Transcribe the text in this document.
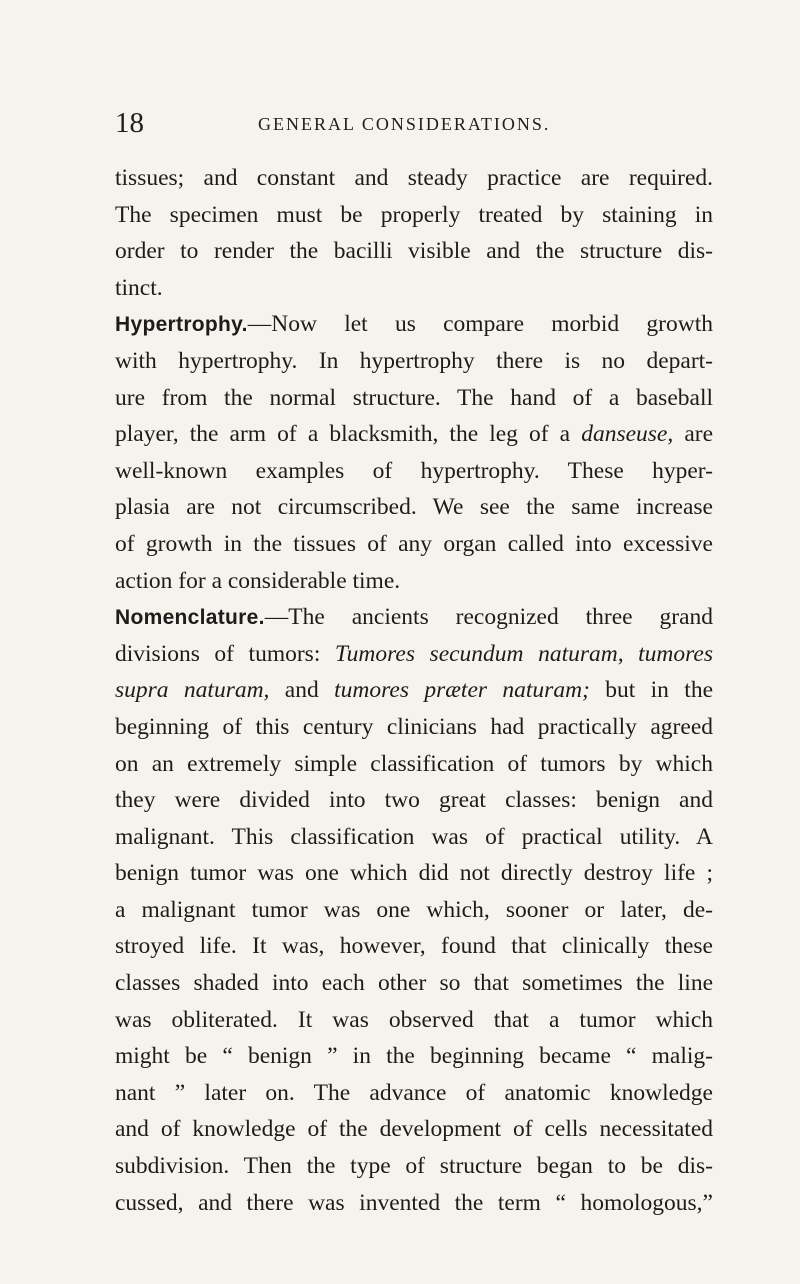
18	GENERAL CONSIDERATIONS.
tissues; and constant and steady practice are required.
The specimen must be properly treated by staining in
order to render the bacilli visible and the structure dis-
tinct.
Hypertrophy.—Now let us compare morbid growth
with hypertrophy. In hypertrophy there is no depart-
ure from the normal structure. The hand of a baseball
player, the arm of a blacksmith, the leg of a danseuse, are
well-known examples of hypertrophy. These hyper-
plasia are not circumscribed. We see the same increase
of growth in the tissues of any organ called into excessive
action for a considerable time.
Nomenclature.—The ancients recognized three grand
divisions of tumors: Tumores secundum naturam, tumores
supra naturam, and tumores præter naturam; but in the
beginning of this century clinicians had practically agreed
on an extremely simple classification of tumors by which
they were divided into two great classes: benign and
malignant. This classification was of practical utility. A
benign tumor was one which did not directly destroy life ;
a malignant tumor was one which, sooner or later, de-
stroyed life. It was, however, found that clinically these
classes shaded into each other so that sometimes the line
was obliterated. It was observed that a tumor which
might be “ benign ” in the beginning became “ malig-
nant ” later on. The advance of anatomic knowledge
and of knowledge of the development of cells necessitated
subdivision. Then the type of structure began to be dis-
cussed, and there was invented the term “ homologous,”
